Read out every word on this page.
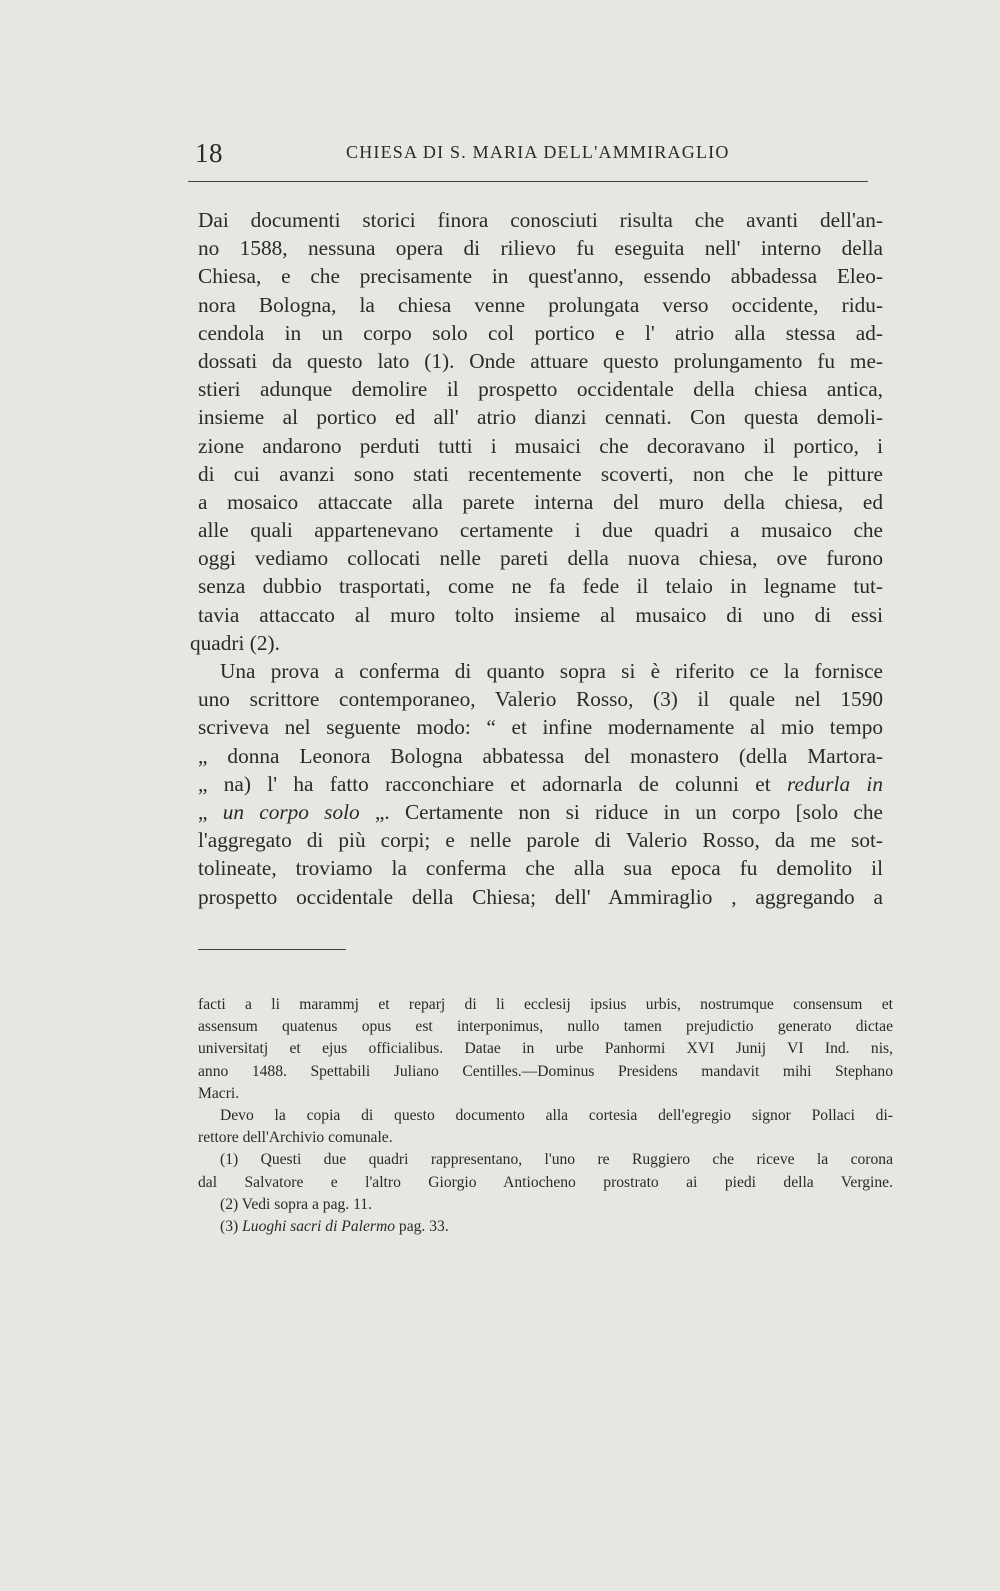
18	CHIESA DI S. MARIA DELL'AMMIRAGLIO
Dai documenti storici finora conosciuti risulta che avanti dell'an-
no 1588, nessuna opera di rilievo fu eseguita nell' interno della
Chiesa, e che precisamente in quest'anno, essendo abbadessa Eleo-
nora Bologna, la chiesa venne prolungata verso occidente, ridu-
cendola in un corpo solo col portico e l' atrio alla stessa ad-
dossati da questo lato (1). Onde attuare questo prolungamento fu me-
stieri adunque demolire il prospetto occidentale della chiesa antica,
insieme al portico ed all' atrio dianzi cennati. Con questa demoli-
zione andarono perduti tutti i musaici che decoravano il portico, i
di cui avanzi sono stati recentemente scoverti, non che le pitture
a mosaico attaccate alla parete interna del muro della chiesa, ed
alle quali appartenevano certamente i due quadri a musaico che
oggi vediamo collocati nelle pareti della nuova chiesa, ove furono
senza dubbio trasportati, come ne fa fede il telaio in legname tut-
tavia attaccato al muro tolto insieme al musaico di uno di essi
quadri (2).
Una prova a conferma di quanto sopra si è riferito ce la fornisce
uno scrittore contemporaneo, Valerio Rosso, (3) il quale nel 1590
scriveva nel seguente modo: “ et infine modernamente al mio tempo
„ donna Leonora Bologna abbatessa del monastero (della Martora-
„ na) l' ha fatto racconchiare et adornarla de colunni et redurla in
„ un corpo solo „. Certamente non si riduce in un corpo [solo che
l'aggregato di più corpi; e nelle parole di Valerio Rosso, da me sot-
tolineate, troviamo la conferma che alla sua epoca fu demolito il
prospetto occidentale della Chiesa; dell' Ammiraglio , aggregando a
facti a li marammj et reparj di li ecclesij ipsius urbis, nostrumque consensum et
assensum quatenus opus est interponimus, nullo tamen prejudictio generato dictae
universitatj et ejus officialibus. Datae in urbe Panhormi XVI Junij VI Ind. nis,
anno 1488. Spettabili Juliano Centilles.—Dominus Presidens mandavit mihi Stephano
Macri.
Devo la copia di questo documento alla cortesia dell'egregio signor Pollaci di-
rettore dell'Archivio comunale.
(1) Questi due quadri rappresentano, l'uno re Ruggiero che riceve la corona
dal Salvatore e l'altro Giorgio Antiocheno prostrato ai piedi della Vergine.
(2) Vedi sopra a pag. 11.
(3) Luoghi sacri di Palermo pag. 33.
